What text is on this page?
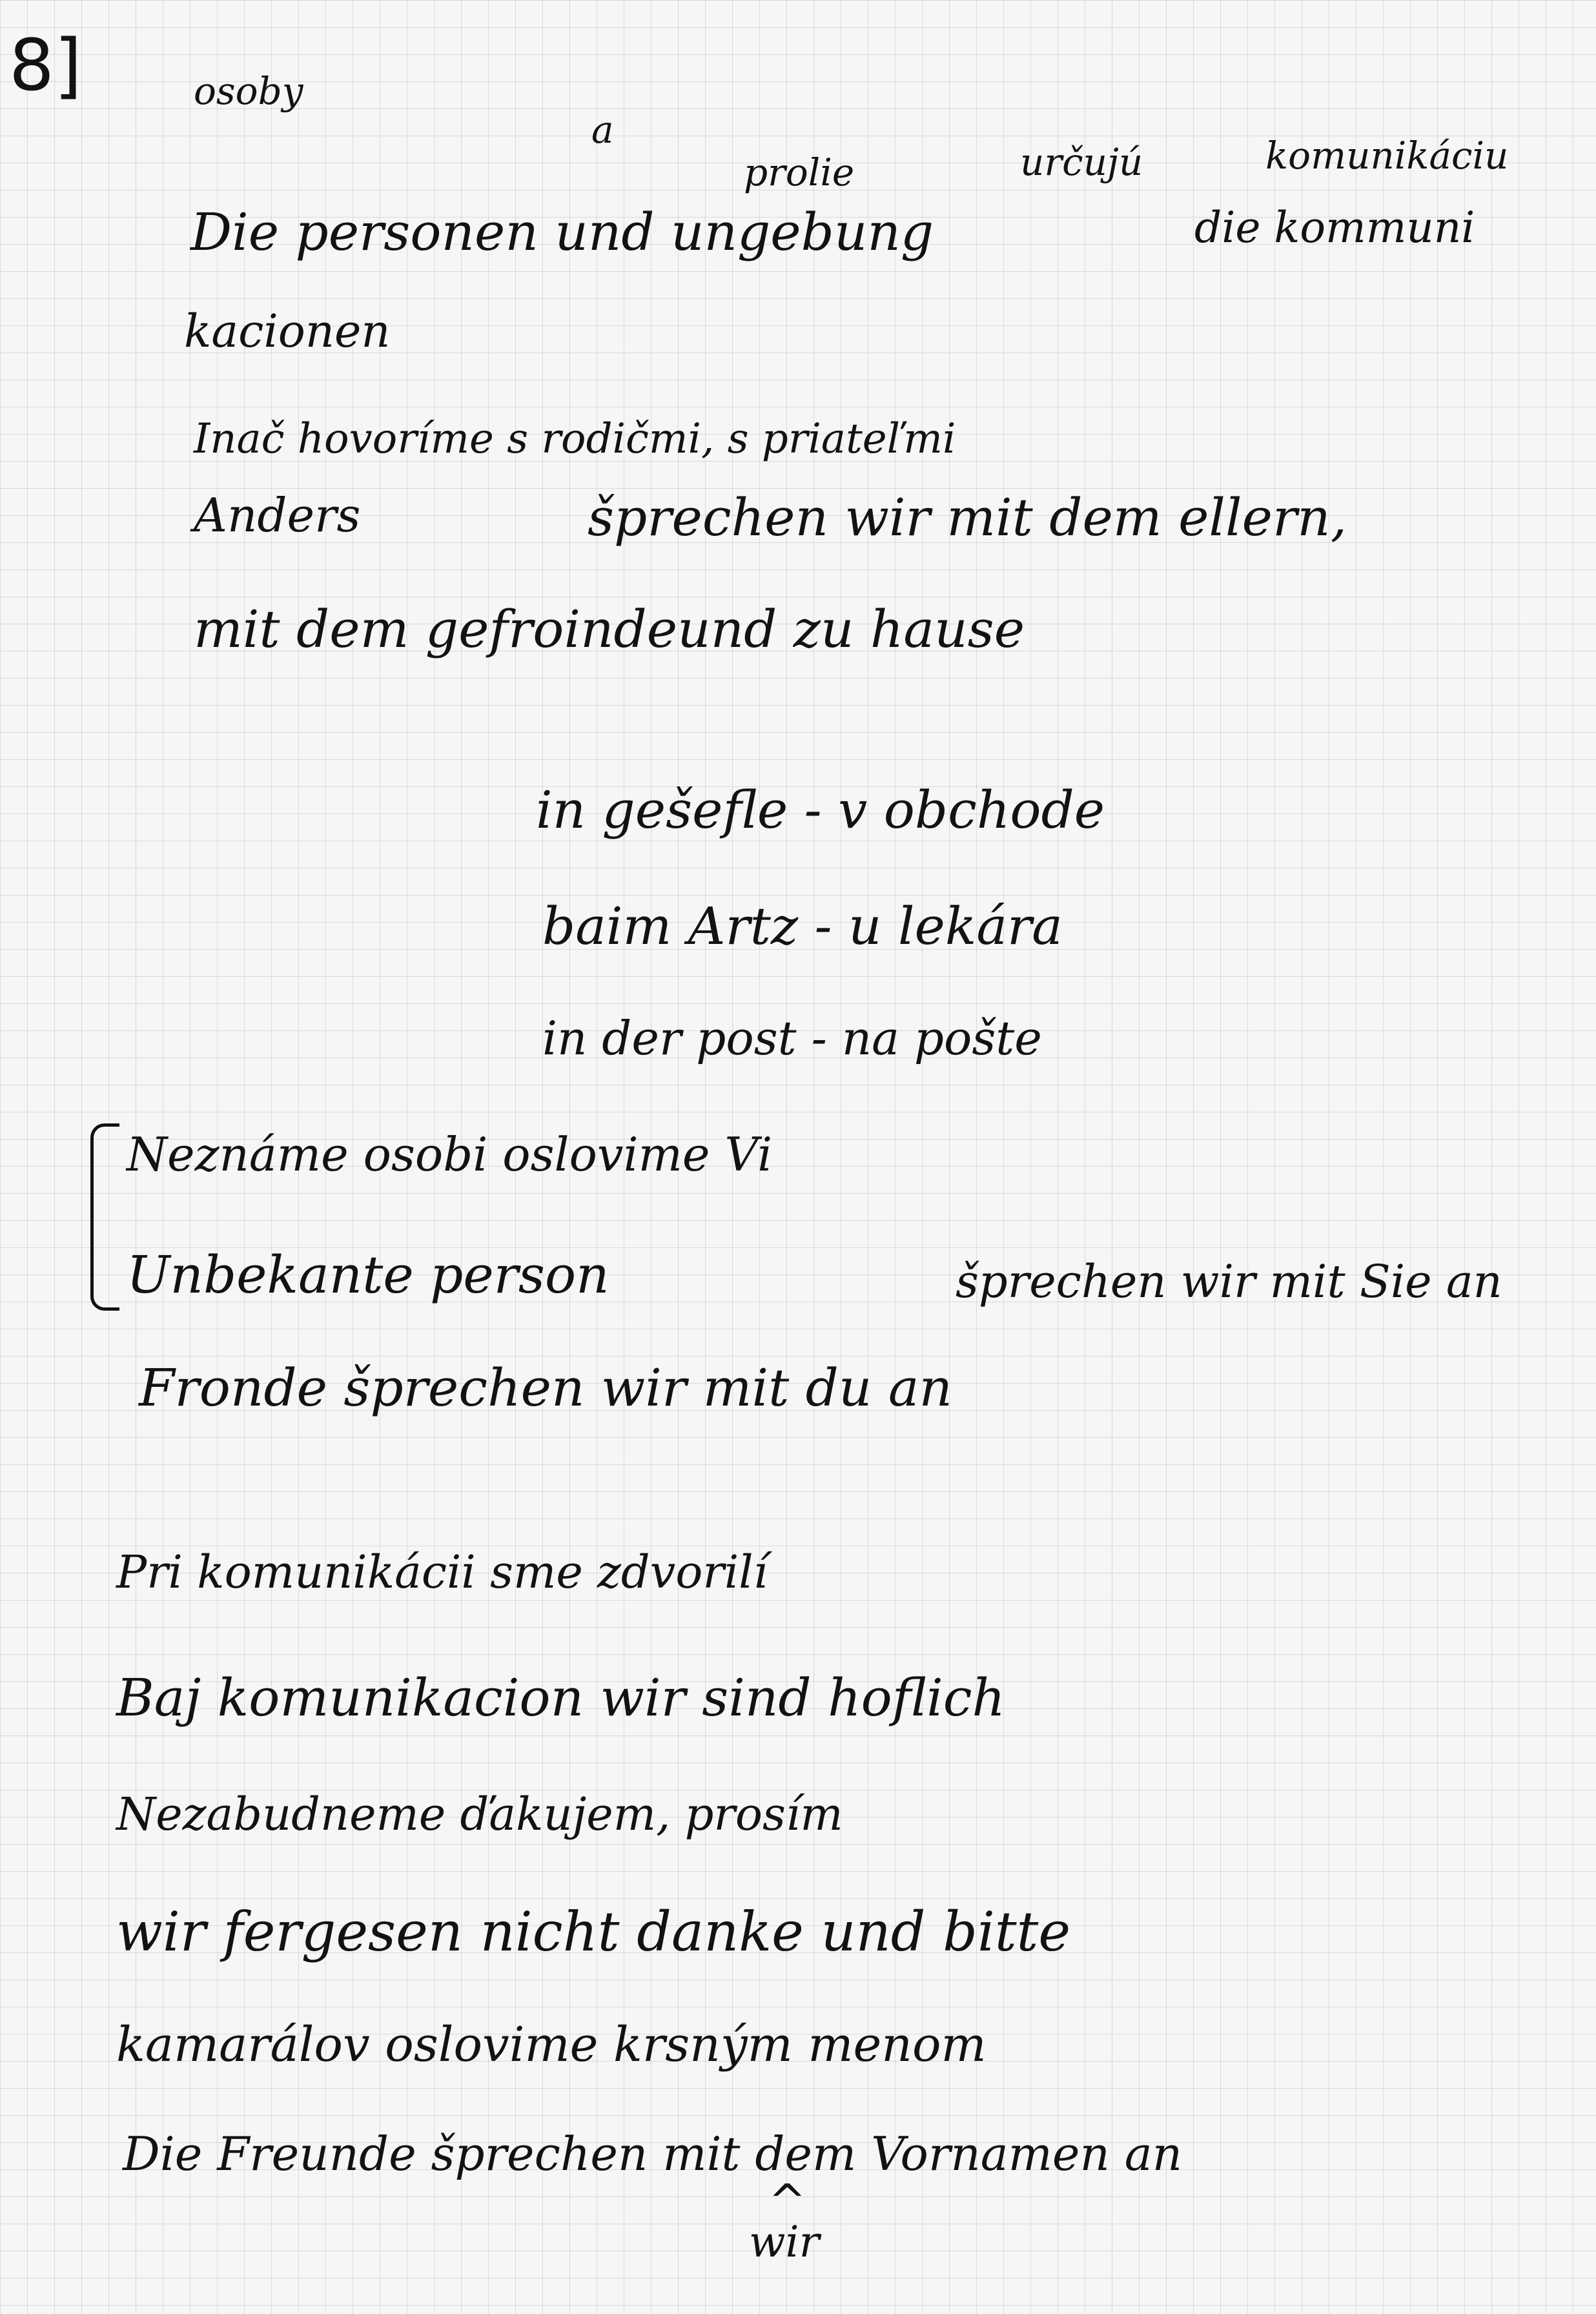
8]	osoby
a
prolie	určujú	komunikáciu
Die personen und ungebung	die kommuni
kacionen
Inač hovoríme s rodičmi, s priateľmi
Anders	šprechen wir mit dem ellern,
mit dem gefroindeund zu hause
in gešefle - v obchode
baim Artz - u lekára
in der post - na pošte
Neznáme osobi oslovime Vi
Unbekante person	šprechen wir mit Sie an
Fronde šprechen wir mit du an
Pri komunikácii sme zdvorilí
Baj komunikacion wir sind hoflich
Nezabudneme ďakujem, prosím
wir fergesen nicht danke und bitte
kamarálov oslovime krsným menom
Die Freunde šprechen mit dem Vornamen an
^
wir
